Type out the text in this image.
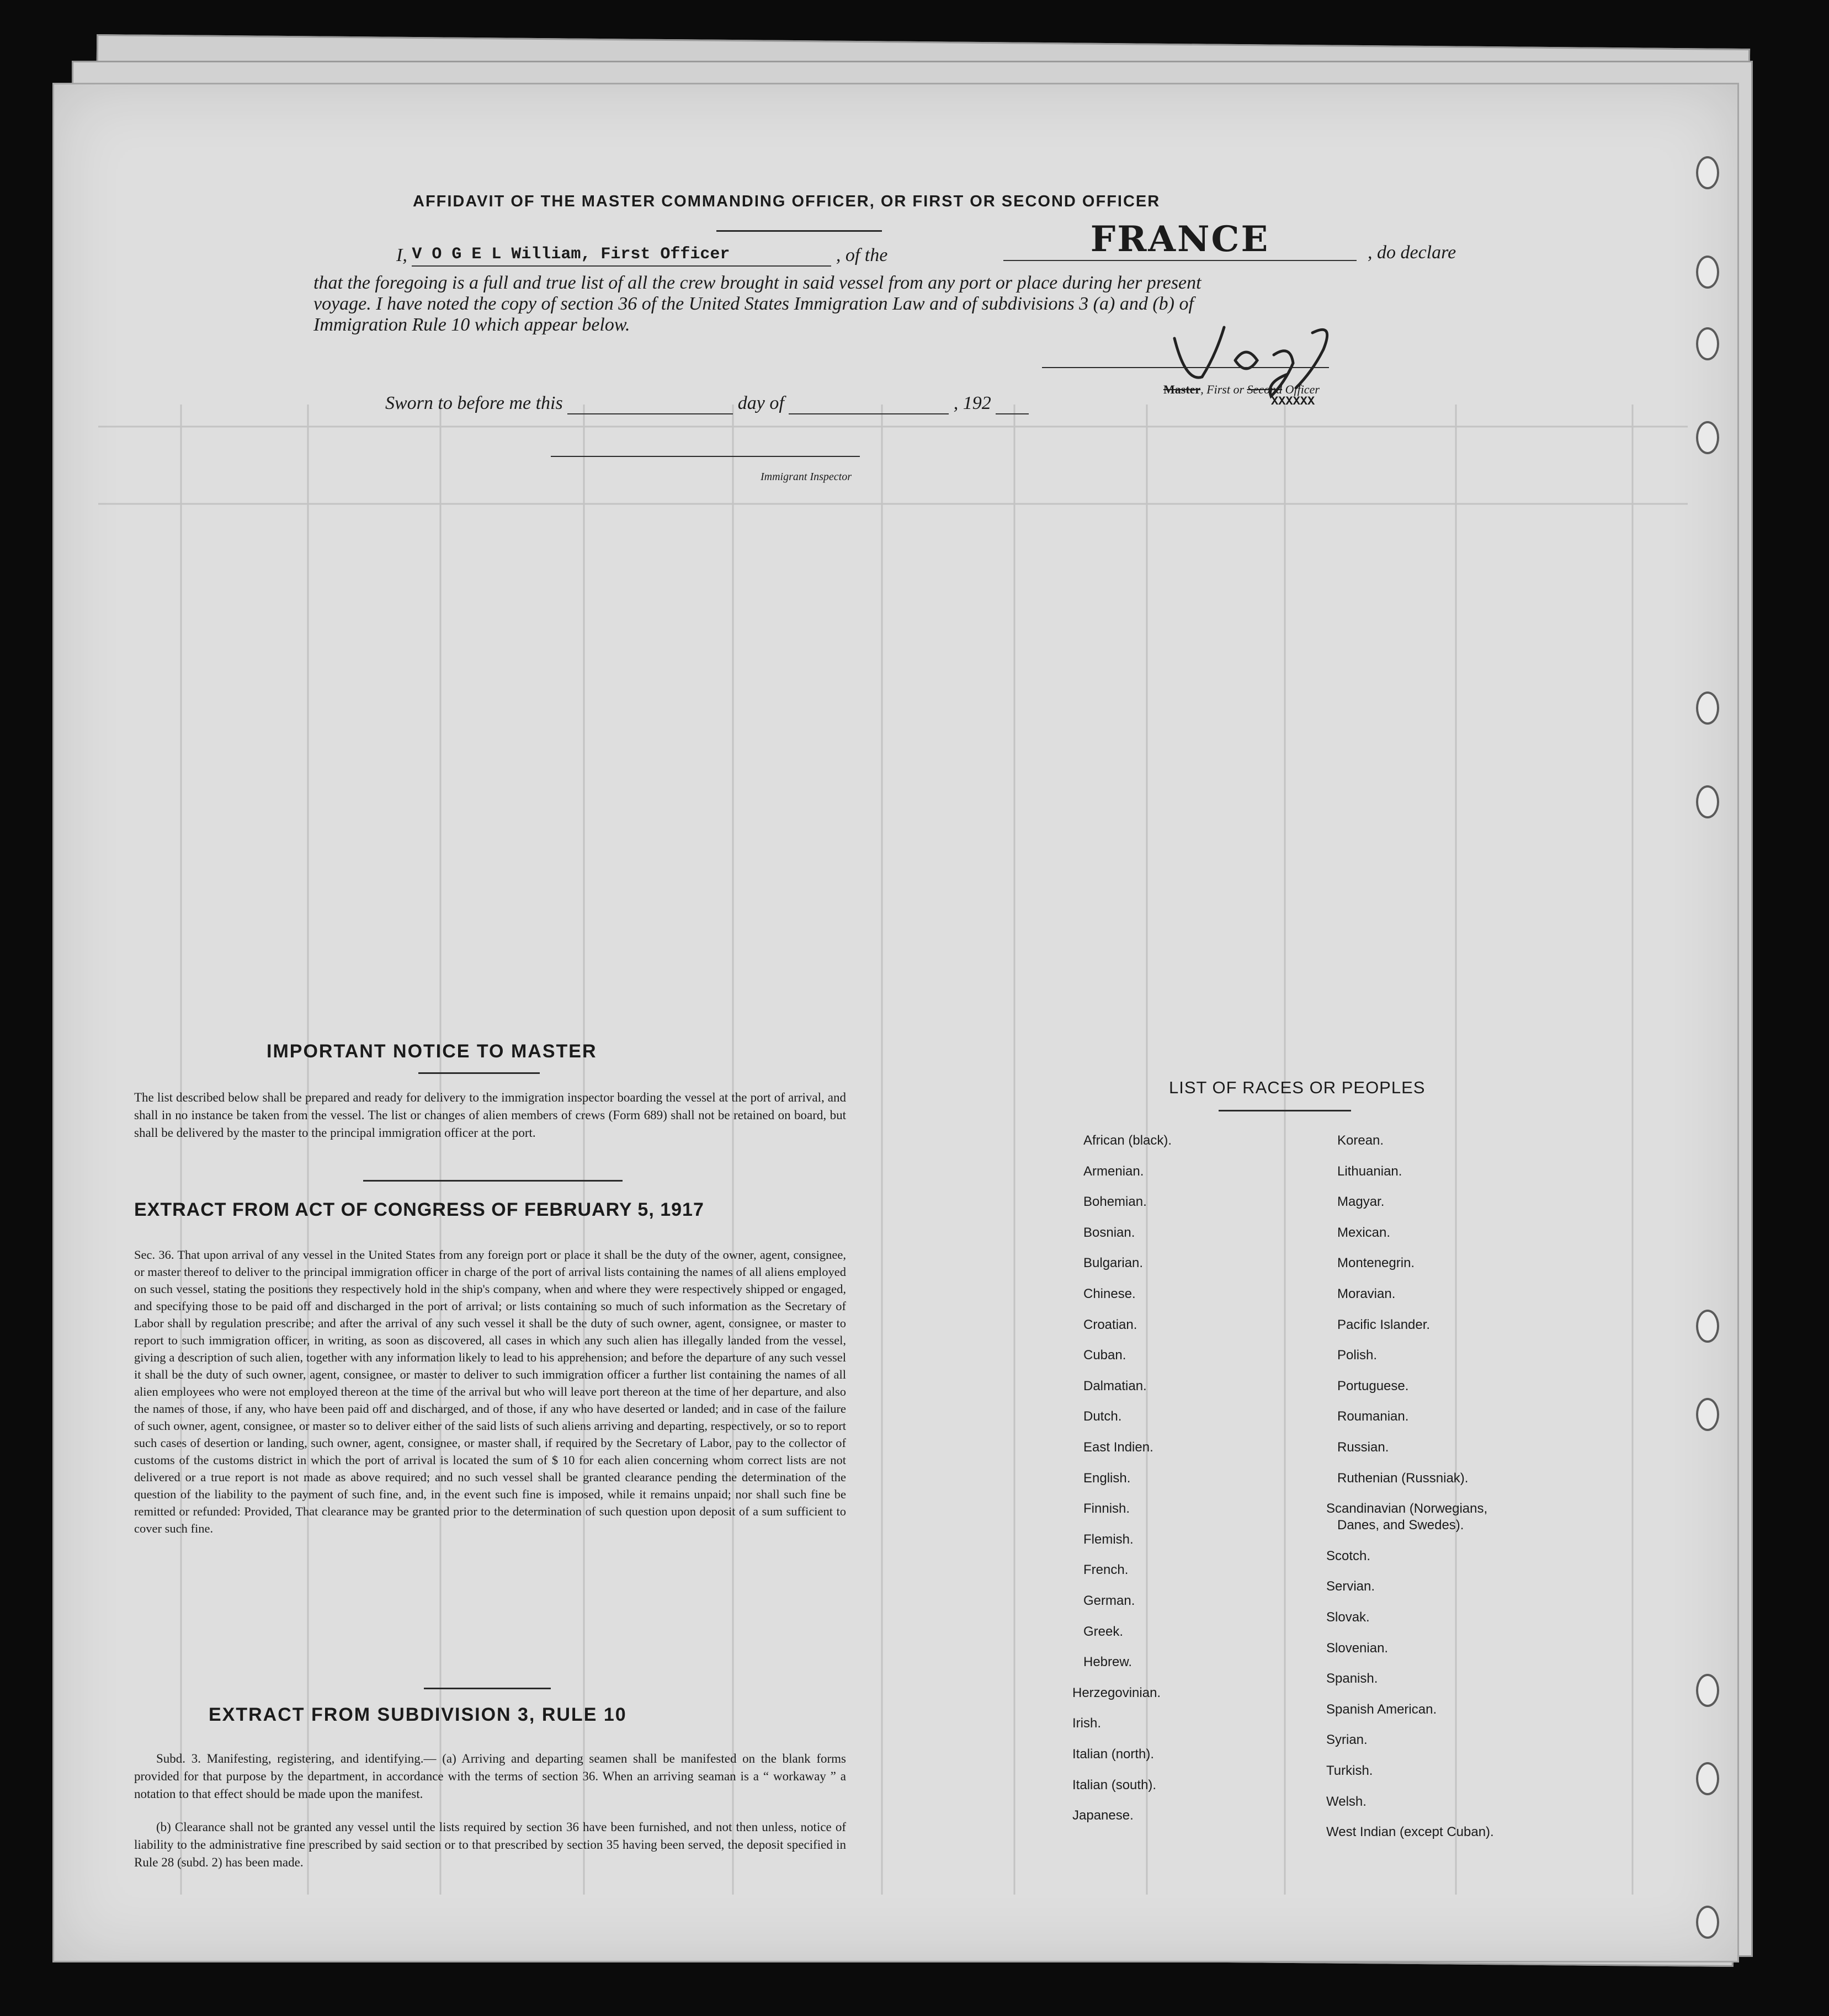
AFFIDAVIT OF THE MASTER COMMANDING OFFICER, OR FIRST OR SECOND OFFICER
I, V O G E L William, First Officer	, of the	FRANCE	, do declare
that the foregoing is a full and true list of all the crew brought in said vessel from any port or place during her present
voyage. I have noted the copy of section 36 of the United States Immigration Law and of subdivisions 3 (a) and (b) of
Immigration Rule 10 which appear below.
Master, First or Second Officer
XXXXXX
Sworn to before me this	day of	, 192
Immigrant Inspector
IMPORTANT NOTICE TO MASTER
The list described below shall be prepared and ready for delivery to the immigration inspector boarding the vessel at the port of arrival, and shall in no instance be taken from the vessel. The list or changes of alien members of crews (Form 689) shall not be retained on board, but shall be delivered by the master to the principal immigration officer at the port.
EXTRACT FROM ACT OF CONGRESS OF FEBRUARY 5, 1917
Sec. 36. That upon arrival of any vessel in the United States from any foreign port or place it shall be the duty of the owner, agent, consignee, or master thereof to deliver to the principal immigration officer in charge of the port of arrival lists containing the names of all aliens employed on such vessel, stating the positions they respectively hold in the ship's company, when and where they were respectively shipped or engaged, and specifying those to be paid off and discharged in the port of arrival; or lists containing so much of such information as the Secretary of Labor shall by regulation prescribe; and after the arrival of any such vessel it shall be the duty of such owner, agent, consignee, or master to report to such immigration officer, in writing, as soon as discovered, all cases in which any such alien has illegally landed from the vessel, giving a description of such alien, together with any information likely to lead to his apprehension; and before the departure of any such vessel it shall be the duty of such owner, agent, consignee, or master to deliver to such immigration officer a further list containing the names of all alien employees who were not employed thereon at the time of the arrival but who will leave port thereon at the time of her departure, and also the names of those, if any, who have been paid off and discharged, and of those, if any who have deserted or landed; and in case of the failure of such owner, agent, consignee, or master so to deliver either of the said lists of such aliens arriving and departing, respectively, or so to report such cases of desertion or landing, such owner, agent, consignee, or master shall, if required by the Secretary of Labor, pay to the collector of customs of the customs district in which the port of arrival is located the sum of $ 10 for each alien concerning whom correct lists are not delivered or a true report is not made as above required; and no such vessel shall be granted clearance pending the determination of the question of the liability to the payment of such fine, and, in the event such fine is imposed, while it remains unpaid; nor shall such fine be remitted or refunded: Provided, That clearance may be granted prior to the determination of such question upon deposit of a sum sufficient to cover such fine.
EXTRACT FROM SUBDIVISION 3, RULE 10
Subd. 3. Manifesting, registering, and identifying.— (a) Arriving and departing seamen shall be manifested on the blank forms provided for that purpose by the department, in accordance with the terms of section 36. When an arriving seaman is a “ workaway ” a notation to that effect should be made upon the manifest.
(b) Clearance shall not be granted any vessel until the lists required by section 36 have been furnished, and not then unless, notice of liability to the administrative fine prescribed by said section or to that prescribed by section 35 having been served, the deposit specified in Rule 28 (subd. 2) has been made.
LIST OF RACES OR PEOPLES
African (black).
Armenian.
Bohemian.
Bosnian.
Bulgarian.
Chinese.
Croatian.
Cuban.
Dalmatian.
Dutch.
East Indien.
English.
Finnish.
Flemish.
French.
German.
Greek.
Hebrew.
Herzegovinian.
Irish.
Italian (north).
Italian (south).
Japanese.
Korean.
Lithuanian.
Magyar.
Mexican.
Montenegrin.
Moravian.
Pacific Islander.
Polish.
Portuguese.
Roumanian.
Russian.
Ruthenian (Russniak).
Scandinavian (Norwegians,
Danes, and Swedes).
Scotch.
Servian.
Slovak.
Slovenian.
Spanish.
Spanish American.
Syrian.
Turkish.
Welsh.
West Indian (except Cuban).
